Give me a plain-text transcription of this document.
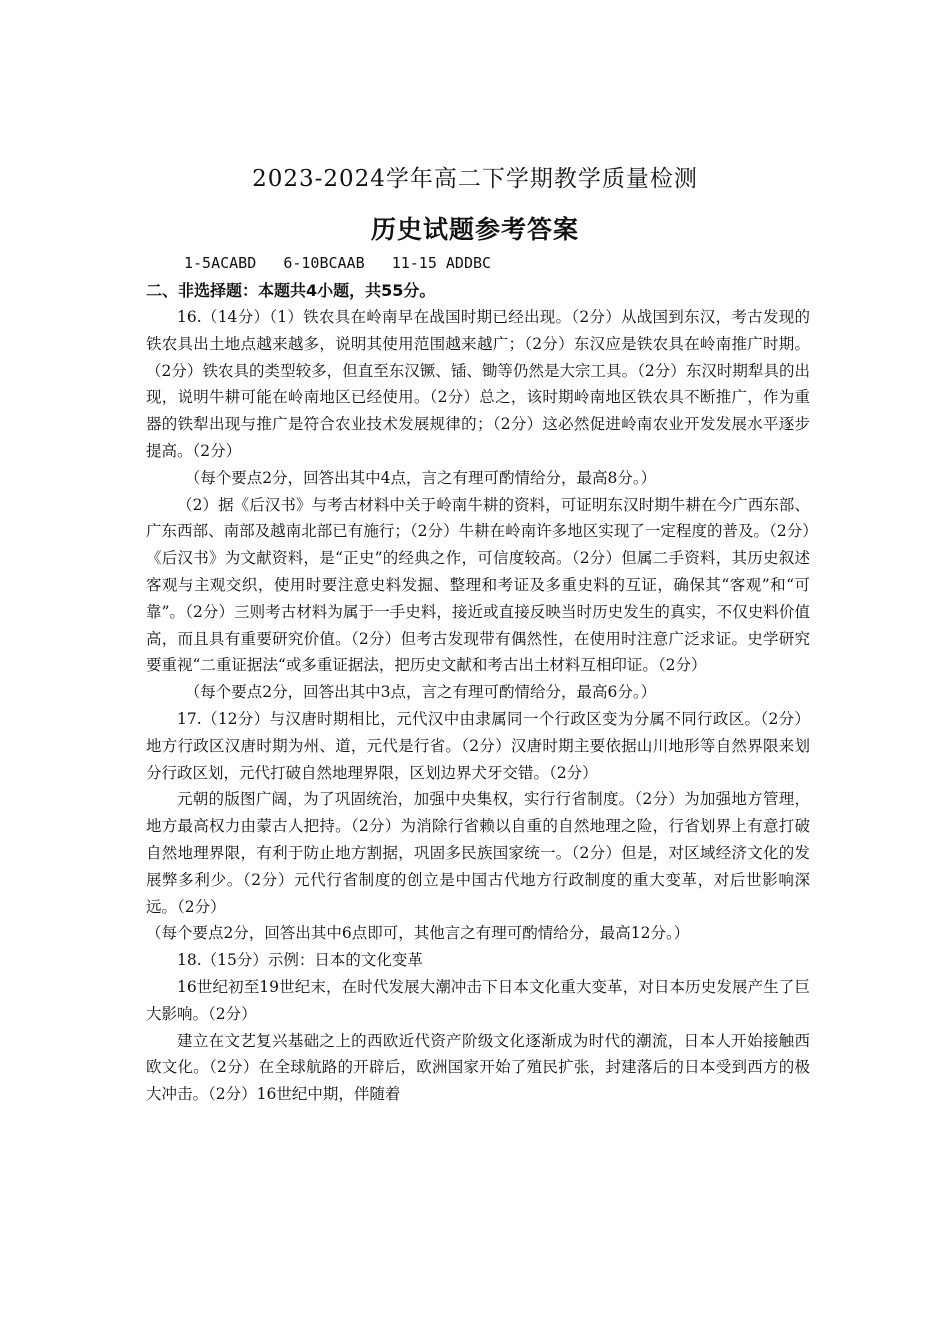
2023-2024学年高二下学期教学质量检测
历史试题参考答案
1-5ACABD   6-10BCAAB   11-15 ADDBC
二、非选择题：本题共4小题，共55分。

16.（14分）（1）铁农具在岭南早在战国时期已经出现。（2分）从战国到东汉，考古发现的铁农具出土地点越来越多，说明其使用范围越来越广；（2分）东汉应是铁农具在岭南推广时期。（2分）铁农具的类型较多，但直至东汉镢、锸、锄等仍然是大宗工具。（2分）东汉时期犁具的出现，说明牛耕可能在岭南地区已经使用。（2分）总之，该时期岭南地区铁农具不断推广，作为重器的铁犁出现与推广是符合农业技术发展规律的；（2分）这必然促进岭南农业开发发展水平逐步提高。（2分）

（每个要点2分，回答出其中4点，言之有理可酌情给分，最高8分。）

（2）据《后汉书》与考古材料中关于岭南牛耕的资料，可证明东汉时期牛耕在今广西东部、广东西部、南部及越南北部已有施行；（2分）牛耕在岭南许多地区实现了一定程度的普及。（2分）　《后汉书》为文献资料，是“正史”的经典之作，可信度较高。（2分）但属二手资料，其历史叙述客观与主观交织，使用时要注意史料发掘、整理和考证及多重史料的互证，确保其“客观”和“可靠”。（2分）三则考古材料为属于一手史料，接近或直接反映当时历史发生的真实，不仅史料价值高，而且具有重要研究价值。（2分）但考古发现带有偶然性，在使用时注意广泛求证。史学研究要重视“二重证据法“或多重证据法，把历史文献和考古出土材料互相印证。（2分）

（每个要点2分，回答出其中3点，言之有理可酌情给分，最高6分。）

17.（12分）与汉唐时期相比，元代汉中由隶属同一个行政区变为分属不同行政区。（2分）地方行政区汉唐时期为州、道，元代是行省。（2分）汉唐时期主要依据山川地形等自然界限来划分行政区划，元代打破自然地理界限，区划边界犬牙交错。（2分）

元朝的版图广阔，为了巩固统治，加强中央集权，实行行省制度。（2分）为加强地方管理，地方最高权力由蒙古人把持。（2分）为消除行省赖以自重的自然地理之险，行省划界上有意打破自然地理界限，有利于防止地方割据，巩固多民族国家统一。（2分）但是，对区域经济文化的发展弊多利少。（2分）元代行省制度的创立是中国古代地方行政制度的重大变革，对后世影响深远。（2分）

（每个要点2分，回答出其中6点即可，其他言之有理可酌情给分，最高12分。）

18.（15分）示例：日本的文化变革

16世纪初至19世纪末，在时代发展大潮冲击下日本文化重大变革，对日本历史发展产生了巨大影响。（2分）

建立在文艺复兴基础之上的西欧近代资产阶级文化逐渐成为时代的潮流，日本人开始接触西欧文化。（2分）在全球航路的开辟后，欧洲国家开始了殖民扩张，封建落后的日本受到西方的极大冲击。（2分）16世纪中期，伴随着
